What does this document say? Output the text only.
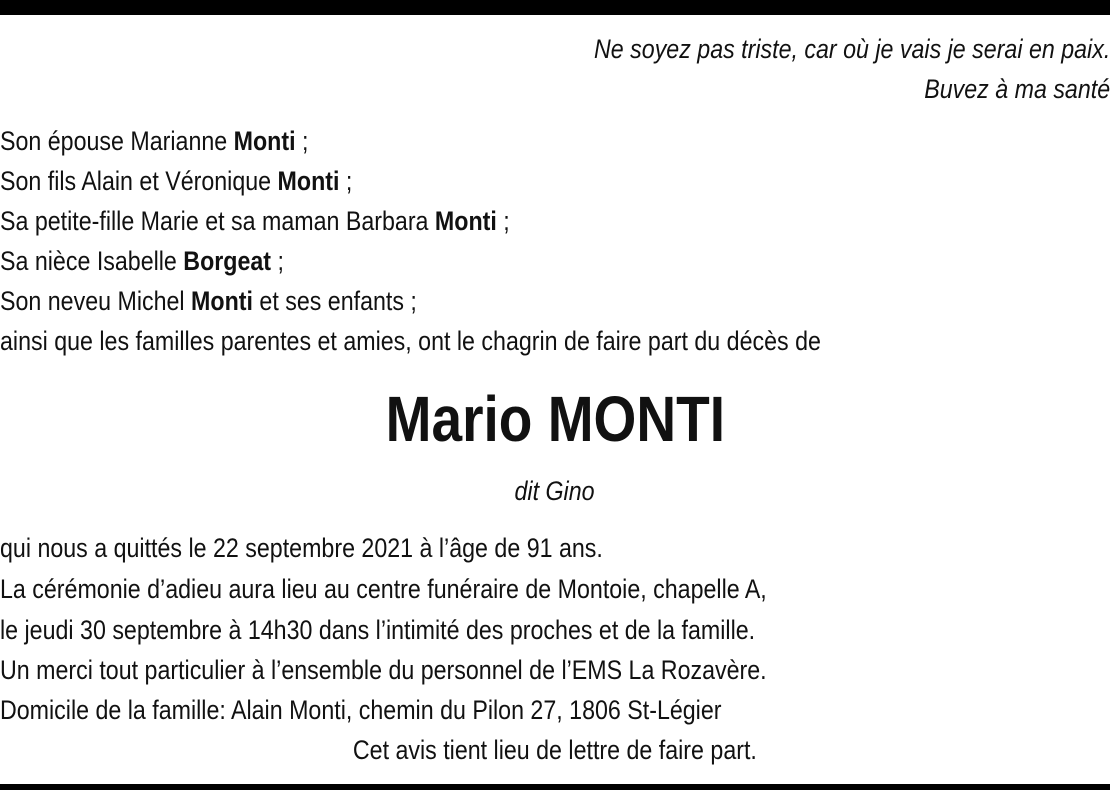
Ne soyez pas triste, car où je vais je serai en paix.
Buvez à ma santé
Son épouse Marianne Monti ;
Son fils Alain et Véronique Monti ;
Sa petite-fille Marie et sa maman Barbara Monti ;
Sa nièce Isabelle Borgeat ;
Son neveu Michel Monti et ses enfants ;
ainsi que les familles parentes et amies, ont le chagrin de faire part du décès de
Mario MONTI
dit Gino
qui nous a quittés le 22 septembre 2021 à l’âge de 91 ans.
La cérémonie d’adieu aura lieu au centre funéraire de Montoie, chapelle A,
le jeudi 30 septembre à 14h30 dans l’intimité des proches et de la famille.
Un merci tout particulier à l’ensemble du personnel de l’EMS La Rozavère.
Domicile de la famille: Alain Monti, chemin du Pilon 27, 1806 St-Légier
Cet avis tient lieu de lettre de faire part.
